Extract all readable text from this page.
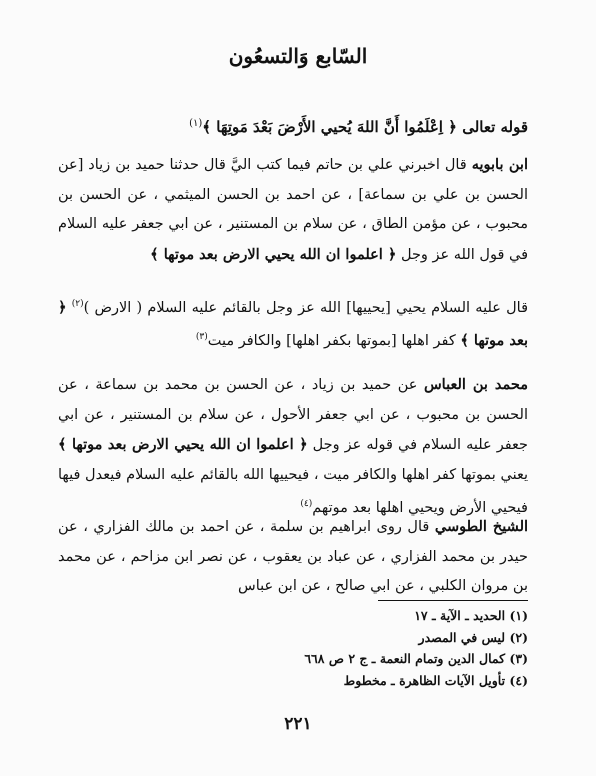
السّابع وَالتسعُون
قوله تعالى ﴿ اِعْلَمُوا أَنَّ اللهَ يُحيي الأَرْضَ بَعْدَ مَوتِهَا ﴾$^{(١)}$
ابن بابويه قال اخبرني علي بن حاتم فيما كتب اليَّ قال حدثنا حميد بن زياد [عن الحسن بن علي بن سماعة] ، عن احمد بن الحسن الميثمي ، عن الحسن بن محبوب ، عن مؤمن الطاق ، عن سلام بن المستنير ، عن ابي جعفر عليه السلام في قول الله عز وجل ﴿ اعلموا ان الله يحيي الارض بعد موتها ﴾
قال عليه السلام يحيي [يحييها] الله عز وجل بالقائم عليه السلام ( الارض )$^{(٢)}$ ﴿ بعد موتها ﴾ كفر اهلها [بموتها بكفر اهلها] والكافر ميت$^{(٣)}$
محمد بن العباس عن حميد بن زياد ، عن الحسن بن محمد بن سماعة ، عن الحسن بن محبوب ، عن ابي جعفر الأحول ، عن سلام بن المستنير ، عن ابي جعفر عليه السلام في قوله عز وجل ﴿ اعلموا ان الله يحيي الارض بعد موتها ﴾ يعني بموتها كفر اهلها والكافر ميت ، فيحييها الله بالقائم عليه السلام فيعدل فيها فيحيي الأرض ويحيي اهلها بعد موتهم$^{(٤)}$
الشيخ الطوسي قال روى ابراهيم بن سلمة ، عن احمد بن مالك الفزاري ، عن حيدر بن محمد الفزاري ، عن عباد بن يعقوب ، عن نصر ابن مزاحم ، عن محمد بن مروان الكلبي ، عن ابي صالح ، عن ابن عباس
(١) الحديد ـ الآية ـ ١٧
(٢) ليس في المصدر
(٣) كمال الدين وتمام النعمة ـ ج ٢ ص ٦٦٨
(٤) تأويل الآيات الظاهرة ـ مخطوط
٢٢١
